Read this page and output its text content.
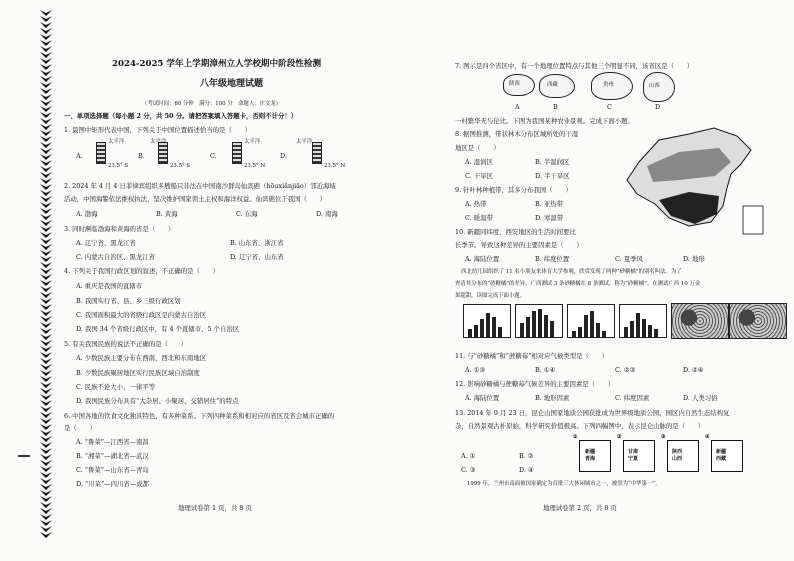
2024-2025 学年上学期漳州立人学校期中阶段性检测
八年级地理试题
（考试时间：60 分钟　满分：100 分　命题人：庄文龙）
一、单项选择题（每小题 2 分，共 50 分。请把答案填入答题卡，否则不计分！）
1. 最图中矩形代表中国，下列关于中国位置描述恰当的是（　　）
A.
太平洋
23.5° S
B.
太平洋
23.5° S
C.
太平洋
23.5° N
D.
太平洋
23.5° N
2. 2024 年 4 月 4 日菲律宾组织多艘船只非法在中国南沙群岛仙宾礁（hōuxiǎnjiāo）邻近海域
活动，中国海警依法维权执法，坚决维护国家领土主权和海洋权益。仙宾礁位于我国（　　）
A. 渤海	B. 黄海	C. 东海	D. 南海
3. 同时濒临渤海和黄海的省是（　　）
A. 辽宁省、黑龙江省	B. 山东省、浙江省
C. 内蒙古自治区、黑龙江省	D. 辽宁省、山东省
4. 下列关于我国行政区划的叙述，不正确的是（　　）
A. 重庆是我国的直辖市
B. 我国实行省、县、乡三级行政区划
C. 我国面积最大的省级行政区是内蒙古自治区
D. 我国 34 个省级行政区中，有 4 个直辖市、5 个自治区
5. 有关我国民族的说法不正确的是（　　）
A. 少数民族主要分布在西南、西北和东南地区
B. 少数民族聚居地区实行民族区域自治制度
C. 民族不论大小，一律平等
D. 我国民族分布具有“大杂居、小聚居、交错居住”的特点
6. 中国各地的饮食文化独具特色，有多种菜系。下列四种菜系和相对应的省区及省会城市正确的
是（　　）
A. “鲁菜”—江西省—南昌
B. “湘菜”—湖北省—武汉
C. “鲁菜”—山东省—青岛
D. “川菜”—四川省—成都
地理试卷第 1 页，共 8 页
7. 图示是四个省区中，有一个地理位置特点与其他三个明显不同，该省区是（　　）
陕西	西藏	贵州	山西
A	B	C	D
一村繁华无与伦比。下图为我国某种农业景观。完成下面小题。
8. 据图推测，带状林木分布区城所处的干湿
地区是（　　）
A. 湿润区	B. 半湿润区
C. 干旱区	D. 半干旱区
9. 针叶林种植带，其多分布我国（　　）
A. 热带	B. 亚热带
C. 暖温带	D. 寒温带
10. 新疆同纬度，西安地区的生活时间要比
长季节。导致这种差异的主要因素是（　　）
A. 海陆位置	B. 纬度位置	C. 夏季风	D. 地形
西北幼儿园组织了 11 名小朋友来体育大学参观，欣赏发现了两种“砂糖橘”的别名叫法。为了
查清其分布的“砂糖橘”的差异，广西测试 3 条砂糖橘在 8 条测试，称为“砂糖橘”。在测试广西 10 万金
果超甜。读图完成下面小题。
11. 与“砂糖橘”和“蔗糖莓”相对应气候类型是（　　）
A. ①③	B. ①④	C. ②③	D. ②④
12. 影响砂糖橘与蔗糖莓气候差异的主要因素是（　　）
A. 海陆位置	B. 地形因素	C. 纬度因素	D. 人类习俗
13. 2014 年 9 月 23 日，昆仑山国家地质公园获批成为世界级地质公园，园区内自然生态结构复
杂，自然景观古朴原始，科学研究价值极高。下列四幅图中，表示昆仑山脉的是（　　）
A. ①	B. ②
C. ③	D. ④
新疆
青海
①
甘肃
宁夏
②
陕西
山西
③
新疆
西藏
④
1999 年，兰州市南面被国家确定为首批三大休闲城市之一，被誉为“中华第一”。
地理试卷第 2 页，共 8 页
